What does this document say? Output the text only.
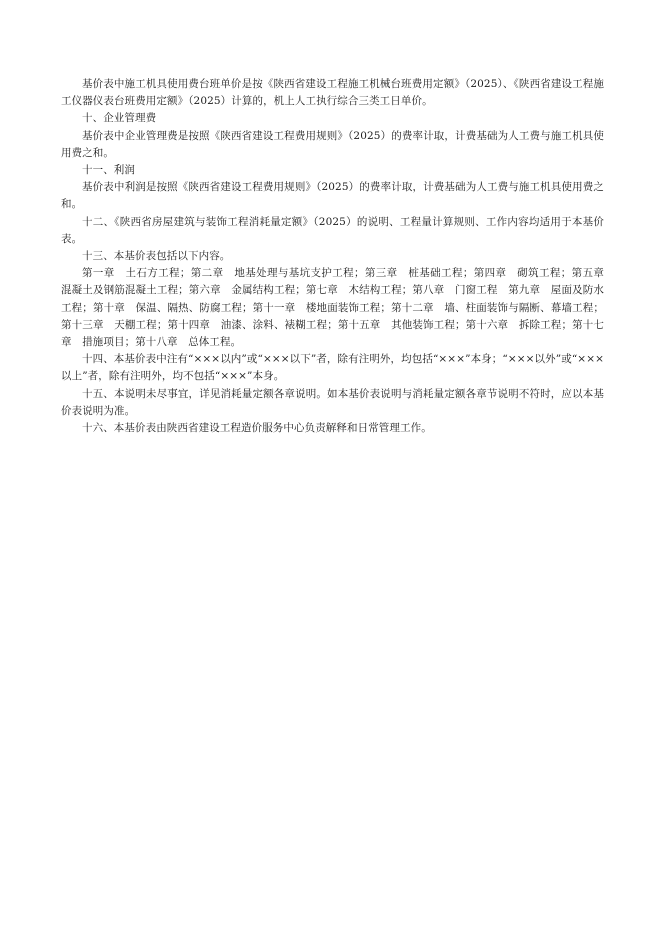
基价表中施工机具使用费台班单价是按《陕西省建设工程施工机械台班费用定额》（2025）、《陕西省建设工程施工仪器仪表台班费用定额》（2025）计算的，机上人工执行综合三类工日单价。

十、企业管理费

基价表中企业管理费是按照《陕西省建设工程费用规则》（2025）的费率计取，计费基础为人工费与施工机具使用费之和。

十一、利润

基价表中利润是按照《陕西省建设工程费用规则》（2025）的费率计取，计费基础为人工费与施工机具使用费之和。

十二、《陕西省房屋建筑与装饰工程消耗量定额》（2025）的说明、工程量计算规则、工作内容均适用于本基价表。

十三、本基价表包括以下内容。

第一章　土石方工程；第二章　地基处理与基坑支护工程；第三章　桩基础工程；第四章　砌筑工程；第五章　混凝土及钢筋混凝土工程；第六章　金属结构工程；第七章　木结构工程；第八章　门窗工程　第九章　屋面及防水工程；第十章　保温、隔热、防腐工程；第十一章　楼地面装饰工程；第十二章　墙、柱面装饰与隔断、幕墙工程；第十三章　天棚工程；第十四章　油漆、涂料、裱糊工程；第十五章　其他装饰工程；第十六章　拆除工程；第十七章　措施项目；第十八章　总体工程。

十四、本基价表中注有“×××以内”或“×××以下”者，除有注明外，均包括“×××”本身；“×××以外”或“×××以上”者，除有注明外，均不包括“×××”本身。

十五、本说明未尽事宜，详见消耗量定额各章说明。如本基价表说明与消耗量定额各章节说明不符时，应以本基价表说明为准。

十六、本基价表由陕西省建设工程造价服务中心负责解释和日常管理工作。
